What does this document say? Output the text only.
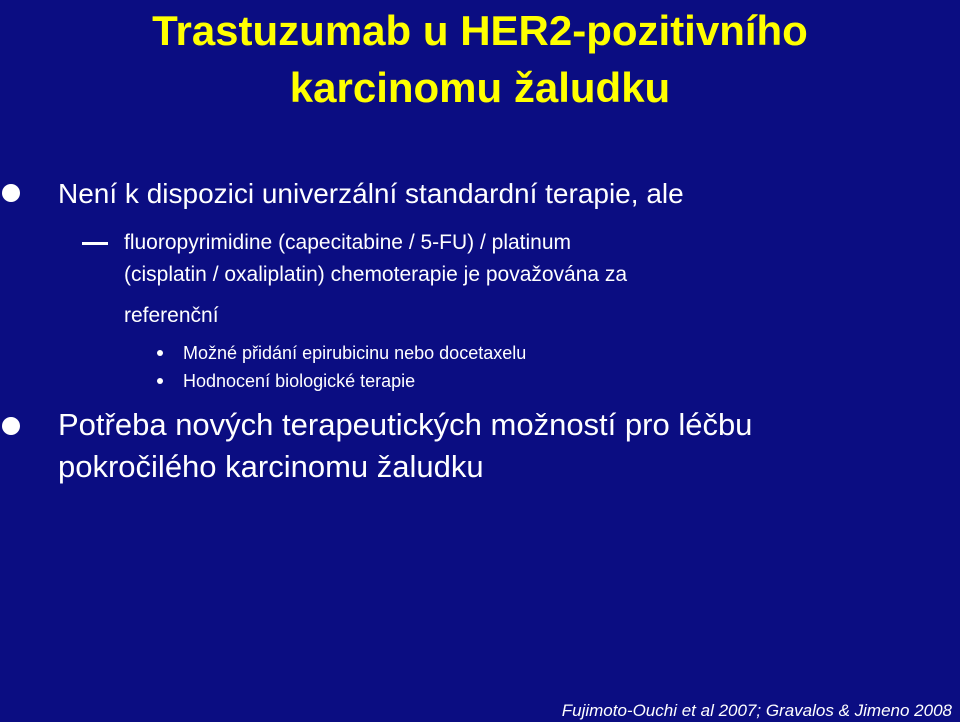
Trastuzumab u HER2-pozitivního
karcinomu žaludku
Není k dispozici univerzální standardní terapie, ale
fluoropyrimidine (capecitabine / 5-FU) / platinum
(cisplatin / oxaliplatin) chemoterapie je považována za
referenční
Možné přidání epirubicinu nebo docetaxelu
Hodnocení biologické terapie
Potřeba nových terapeutických možností pro léčbu
pokročilého karcinomu žaludku
Fujimoto-Ouchi et al 2007; Gravalos & Jimeno 2008
